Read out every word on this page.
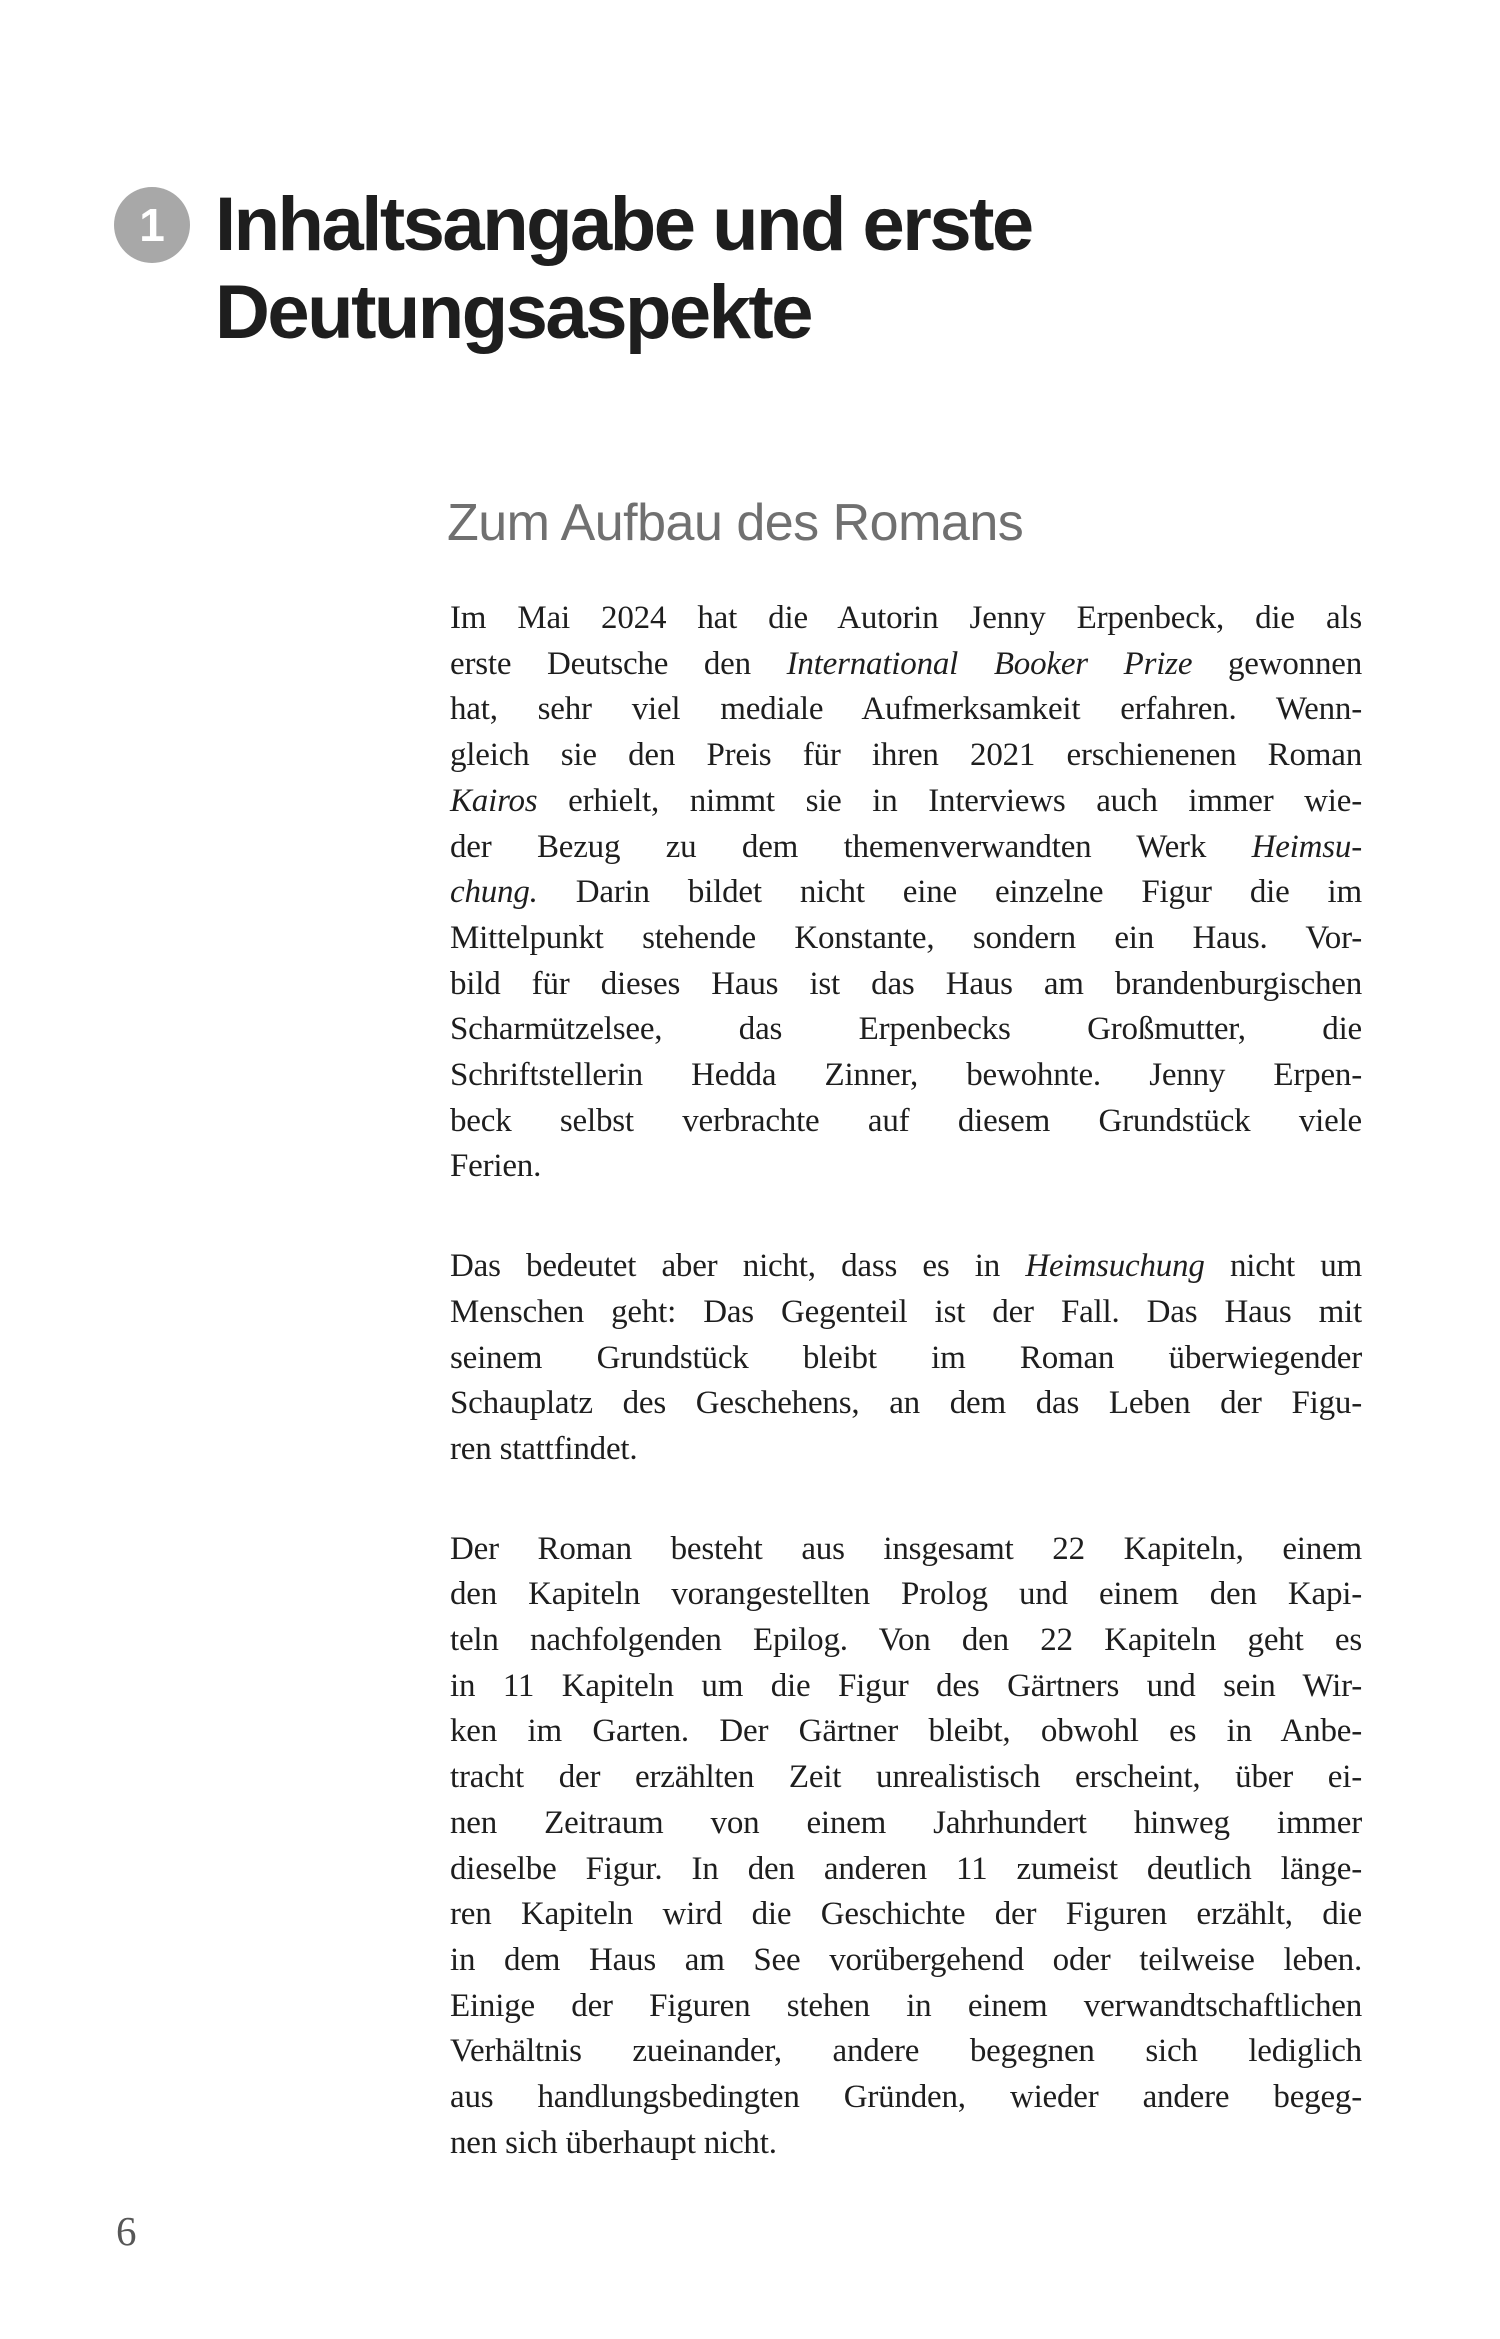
1 Inhaltsangabe und erste
Deutungsaspekte
Zum Aufbau des Romans
Im Mai 2024 hat die Autorin Jenny Erpenbeck, die als
erste Deutsche den International Booker Prize gewonnen
hat, sehr viel mediale Aufmerksamkeit erfahren. Wenn-
gleich sie den Preis für ihren 2021 erschienenen Roman
Kairos erhielt, nimmt sie in Interviews auch immer wie-
der Bezug zu dem themenverwandten Werk Heimsu-
chung. Darin bildet nicht eine einzelne Figur die im
Mittelpunkt stehende Konstante, sondern ein Haus. Vor-
bild für dieses Haus ist das Haus am brandenburgischen
Scharmützelsee, das Erpenbecks Großmutter, die
Schriftstellerin Hedda Zinner, bewohnte. Jenny Erpen-
beck selbst verbrachte auf diesem Grundstück viele
Ferien.
Das bedeutet aber nicht, dass es in Heimsuchung nicht um
Menschen geht: Das Gegenteil ist der Fall. Das Haus mit
seinem Grundstück bleibt im Roman überwiegender
Schauplatz des Geschehens, an dem das Leben der Figu-
ren stattfindet.
Der Roman besteht aus insgesamt 22 Kapiteln, einem
den Kapiteln vorangestellten Prolog und einem den Kapi-
teln nachfolgenden Epilog. Von den 22 Kapiteln geht es
in 11 Kapiteln um die Figur des Gärtners und sein Wir-
ken im Garten. Der Gärtner bleibt, obwohl es in Anbe-
tracht der erzählten Zeit unrealistisch erscheint, über ei-
nen Zeitraum von einem Jahrhundert hinweg immer
dieselbe Figur. In den anderen 11 zumeist deutlich länge-
ren Kapiteln wird die Geschichte der Figuren erzählt, die
in dem Haus am See vorübergehend oder teilweise leben.
Einige der Figuren stehen in einem verwandtschaftlichen
Verhältnis zueinander, andere begegnen sich lediglich
aus handlungsbedingten Gründen, wieder andere begeg-
nen sich überhaupt nicht.
6
